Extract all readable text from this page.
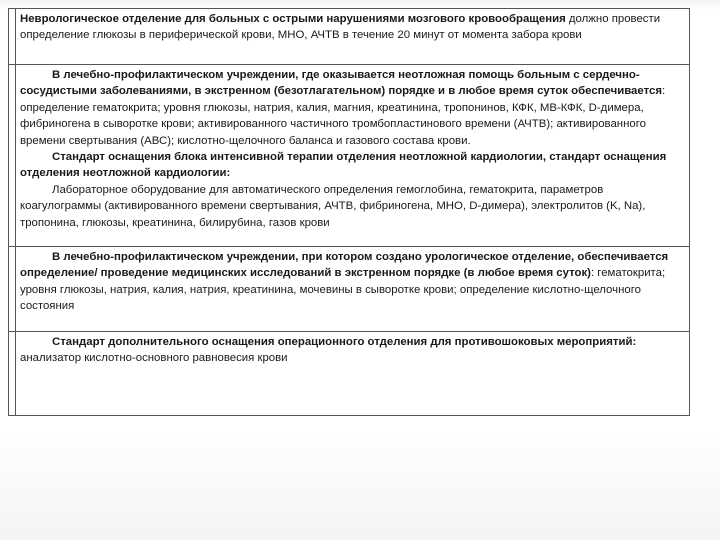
	Неврологическое отделение для больных с острыми нарушениями мозгового кровообращения должно провести определение глюкозы в периферической крови, МНО, АЧТВ в течение 20 минут от момента забора крови
	В лечебно-профилактическом учреждении, где оказывается неотложная помощь больным с сердечно-сосудистыми заболеваниями, в экстренном (безотлагательном) порядке и в любое время суток обеспечивается: определение гематокрита; уровня глюкозы, натрия, калия, магния, креатинина, тропонинов, КФК, МВ-КФК, D-димера, фибриногена в сыворотке крови; активированного частичного тромбопластинового времени (АЧТВ); активированного времени свертывания (АВС); кислотно-щелочного баланса и газового состава крови.
Стандарт оснащения блока интенсивной терапии отделения неотложной кардиологии, стандарт оснащения отделения неотложной кардиологии:
Лабораторное оборудование для автоматического определения гемоглобина, гематокрита, параметров коагулограммы (активированного времени свертывания, АЧТВ, фибриногена, МНО, D-димера), электролитов (K, Na), тропонина, глюкозы, креатинина, билирубина, газов крови
	В лечебно-профилактическом учреждении, при котором создано урологическое отделение, обеспечивается определение/ проведение медицинских исследований в экстренном порядке (в любое время суток): гематокрита; уровня глюкозы, натрия, калия, натрия, креатинина, мочевины в сыворотке крови; определение кислотно-щелочного состояния
	Стандарт дополнительного оснащения операционного отделения для противошоковых мероприятий: анализатор кислотно-основного равновесия крови
